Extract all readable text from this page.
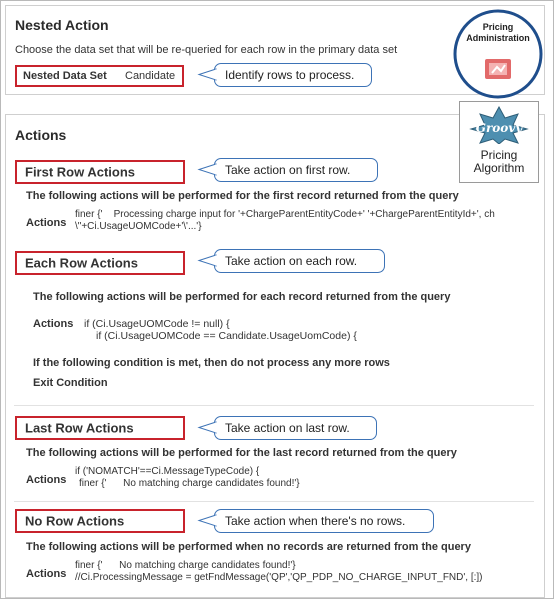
Nested Action
Choose the data set that will be re-queried for each row in the primary data set
Nested Data Set Candidate	Identify rows to process.
Pricing Administration
Actions
First Row Actions	Take action on first row.
The following actions will be performed for the first record returned from the query
Actions
finer {'    Processing charge input for '+ChargeParentEntityCode+' '+ChargeParentEntityId+', ch
\"+Ci.UsageUOMCode+'\'...'}
Each Row Actions	Take action on each row.
The following actions will be performed for each record returned from the query
Actions if (Ci.UsageUOMCode != null) {
if (Ci.UsageUOMCode == Candidate.UsageUomCode) {
If the following condition is met, then do not process any more rows
Exit Condition
Last Row Actions	Take action on last row.
The following actions will be performed for the last record returned from the query
Actions
if ('NOMATCH'==Ci.MessageTypeCode) {
finer {'      No matching charge candidates found!'}
No Row Actions	Take action when there's no rows.
The following actions will be performed when no records are returned from the query
Actions
finer {'      No matching charge candidates found!'}
//Ci.ProcessingMessage = getFndMessage('QP','QP_PDP_NO_CHARGE_INPUT_FND', [:])
Groovy
Pricing Algorithm
